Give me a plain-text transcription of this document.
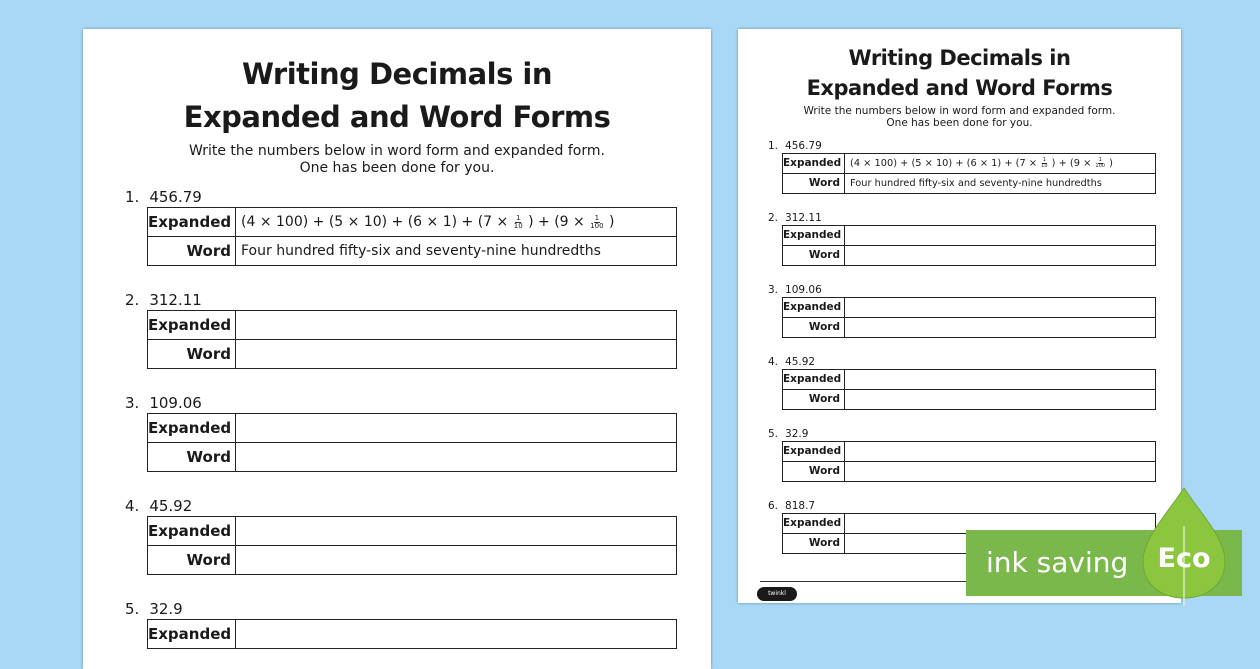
Writing Decimals in
Expanded and Word Forms
Write the numbers below in word form and expanded form.
One has been done for you.
1. 456.79
Expanded $(4 \times 100) + (5 \times 10) + (6 \times 1) + (7 \times \frac{1}{10}$ ) + ($9 \times \frac{1}{100}$ )
Word Four hundred fifty-six and seventy-nine hundredths
2. 312.11
Expanded
Word
3. 109.06
Expanded
Word
4. 45.92
Expanded
Word
5. 32.9
Expanded
Writing Decimals in
Expanded and Word Forms
Write the numbers below in word form and expanded form.
One has been done for you.
1. 456.79
Expanded $(4 \times 100) + (5 \times 10) + (6 \times 1) + (7 \times \frac{1}{10}$ ) + ($9 \times \frac{1}{100}$ )
Word	Four hundred fifty-six and seventy-nine hundredths
2. 312.11
Expanded
Word
3. 109.06
Expanded
Word
4. 45.92
Expanded
Word
5. 32.9
Expanded
Word
6. 818.7
Expanded
Word
twinkl
ink saving	Eco
